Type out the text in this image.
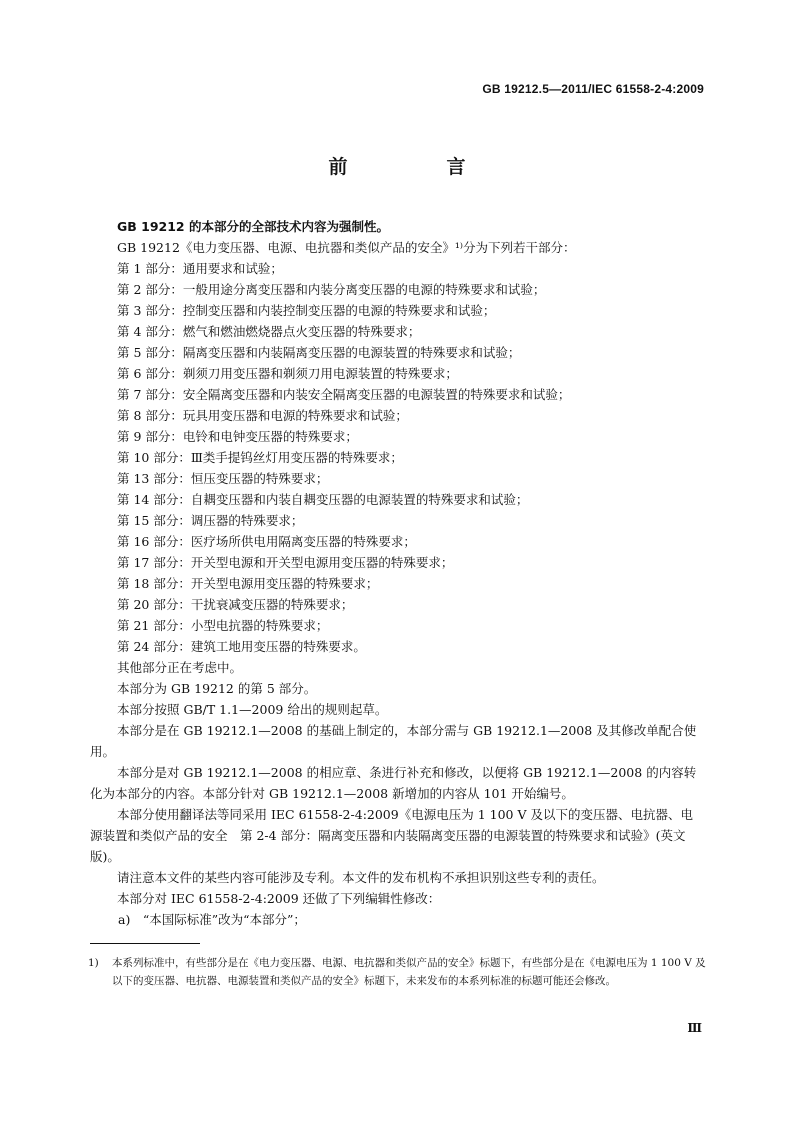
GB 19212.5—2011/IEC 61558-2-4:2009
前　言

GB 19212 的本部分的全部技术内容为强制性。

GB 19212《电力变压器、电源、电抗器和类似产品的安全》¹⁾分为下列若干部分：

第 1 部分：通用要求和试验；

第 2 部分：一般用途分离变压器和内装分离变压器的电源的特殊要求和试验；

第 3 部分：控制变压器和内装控制变压器的电源的特殊要求和试验；

第 4 部分：燃气和燃油燃烧器点火变压器的特殊要求；

第 5 部分：隔离变压器和内装隔离变压器的电源装置的特殊要求和试验；

第 6 部分：剃须刀用变压器和剃须刀用电源装置的特殊要求；

第 7 部分：安全隔离变压器和内装安全隔离变压器的电源装置的特殊要求和试验；

第 8 部分：玩具用变压器和电源的特殊要求和试验；

第 9 部分：电铃和电钟变压器的特殊要求；

第 10 部分：Ⅲ类手提钨丝灯用变压器的特殊要求；

第 13 部分：恒压变压器的特殊要求；

第 14 部分：自耦变压器和内装自耦变压器的电源装置的特殊要求和试验；

第 15 部分：调压器的特殊要求；

第 16 部分：医疗场所供电用隔离变压器的特殊要求；

第 17 部分：开关型电源和开关型电源用变压器的特殊要求；

第 18 部分：开关型电源用变压器的特殊要求；

第 20 部分：干扰衰减变压器的特殊要求；

第 21 部分：小型电抗器的特殊要求；

第 24 部分：建筑工地用变压器的特殊要求。

其他部分正在考虑中。

本部分为 GB 19212 的第 5 部分。

本部分按照 GB/T 1.1—2009 给出的规则起草。

本部分是在 GB 19212.1—2008 的基础上制定的，本部分需与 GB 19212.1—2008 及其修改单配合使用。

本部分是对 GB 19212.1—2008 的相应章、条进行补充和修改，以便将 GB 19212.1—2008 的内容转化为本部分的内容。本部分针对 GB 19212.1—2008 新增加的内容从 101 开始编号。

本部分使用翻译法等同采用 IEC 61558-2-4:2009《电源电压为 1 100 V 及以下的变压器、电抗器、电源装置和类似产品的安全　第 2-4 部分：隔离变压器和内装隔离变压器的电源装置的特殊要求和试验》(英文版)。

请注意本文件的某些内容可能涉及专利。本文件的发布机构不承担识别这些专利的责任。

本部分对 IEC 61558-2-4:2009 还做了下列编辑性修改：

a)　“本国际标准”改为“本部分”；

1) 本系列标准中，有些部分是在《电力变压器、电源、电抗器和类似产品的安全》标题下，有些部分是在《电源电压为 1 100 V 及以下的变压器、电抗器、电源装置和类似产品的安全》标题下，未来发布的本系列标准的标题可能还会修改。

Ⅲ
